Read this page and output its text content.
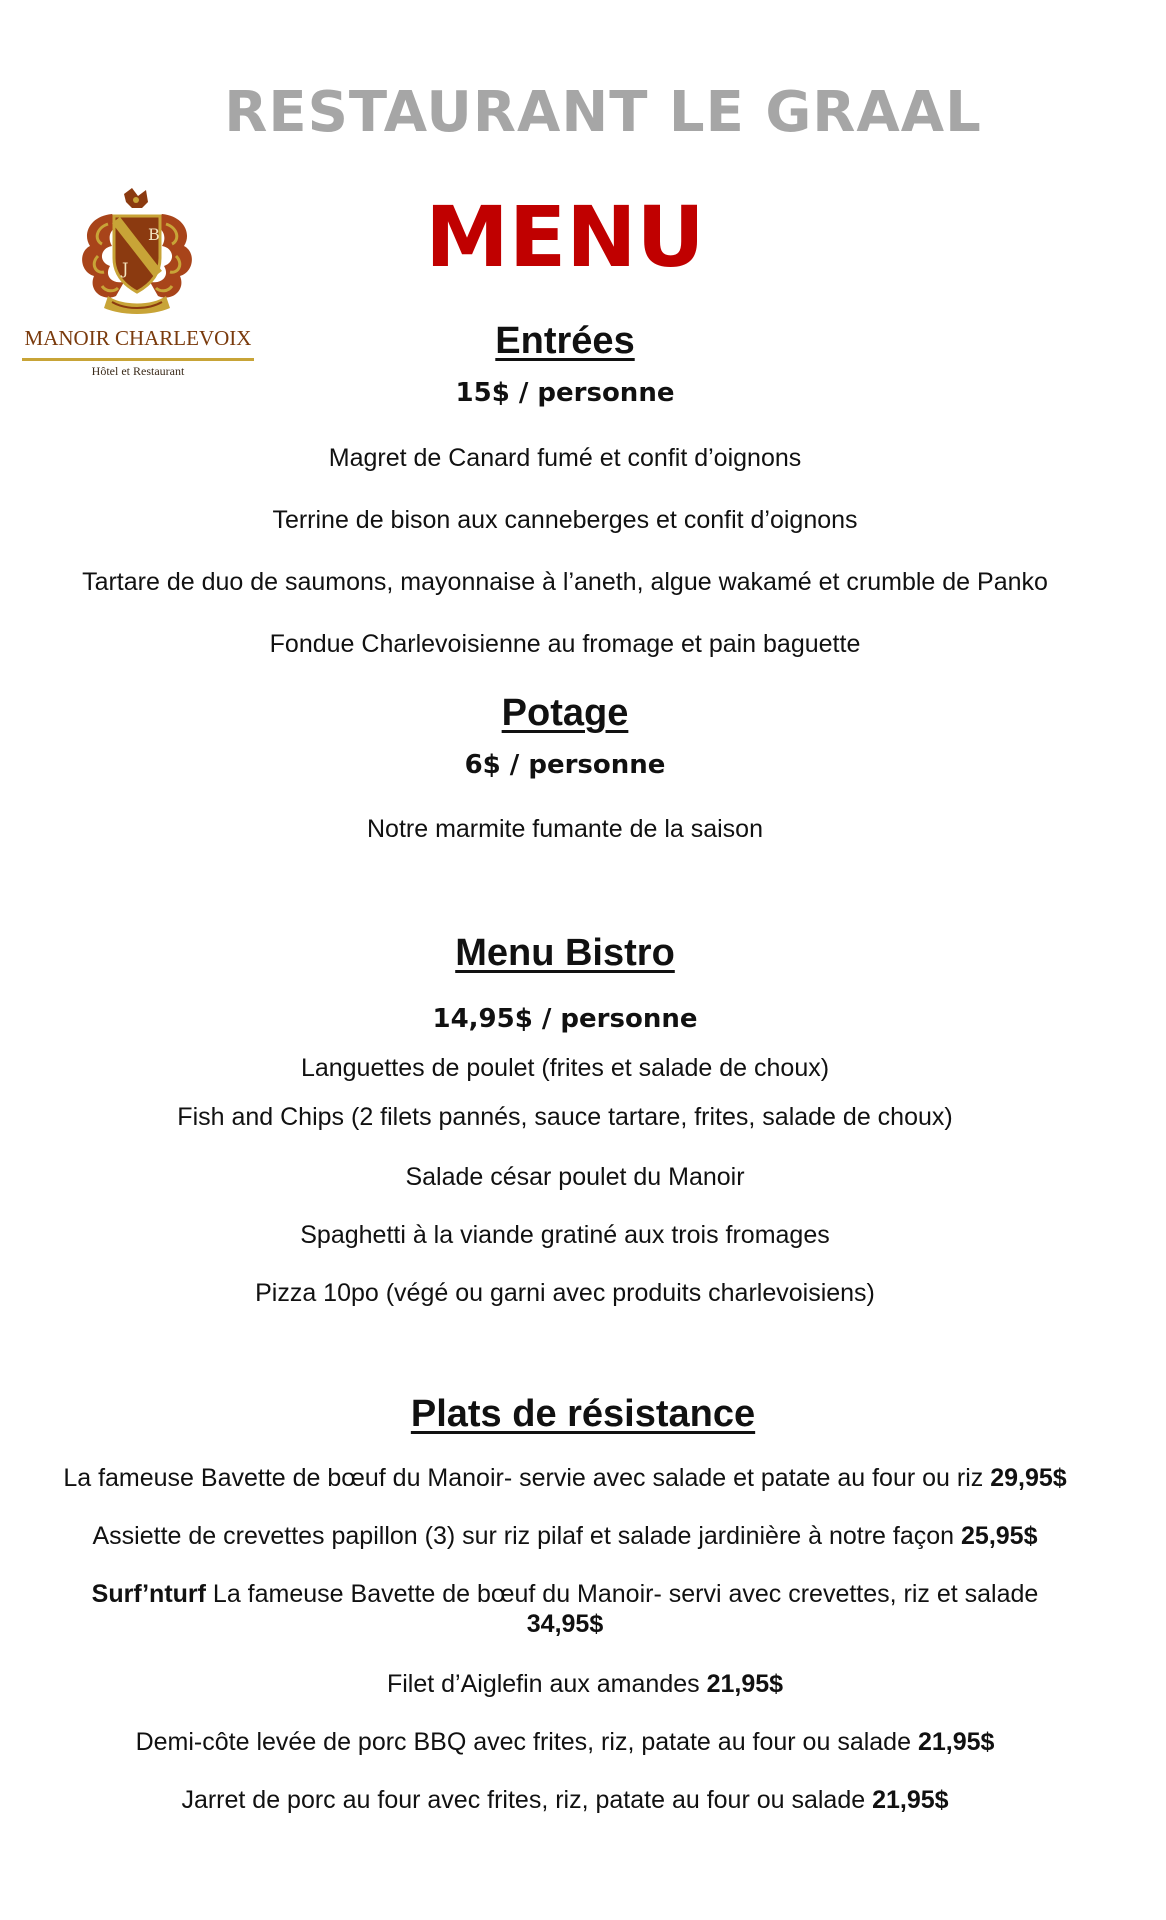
RESTAURANT LE GRAAL
MENU
B
J
MANOIR CHARLEVOIX
Hôtel et Restaurant
Entrées
15$ / personne
Magret de Canard fumé et confit d’oignons
Terrine de bison aux canneberges et confit d’oignons
Tartare de duo de saumons, mayonnaise à l’aneth, algue wakamé et crumble de Panko
Fondue Charlevoisienne au fromage et pain baguette
Potage
6$ / personne
Notre marmite fumante de la saison
Menu Bistro
14,95$ / personne
Languettes de poulet (frites et salade de choux)
Fish and Chips (2 filets pannés, sauce tartare, frites, salade de choux)
Salade césar poulet du Manoir
Spaghetti à la viande gratiné aux trois fromages
Pizza 10po (végé ou garni avec produits charlevoisiens)
Plats de résistance
La fameuse Bavette de bœuf du Manoir- servie avec salade et patate au four ou riz 29,95$
Assiette de crevettes papillon (3) sur riz pilaf et salade jardinière à notre façon 25,95$
Surf’nturf La fameuse Bavette de bœuf du Manoir- servi avec crevettes, riz et salade
34,95$
Filet d’Aiglefin aux amandes 21,95$
Demi-côte levée de porc BBQ avec frites, riz, patate au four ou salade 21,95$
Jarret de porc au four avec frites, riz, patate au four ou salade 21,95$
